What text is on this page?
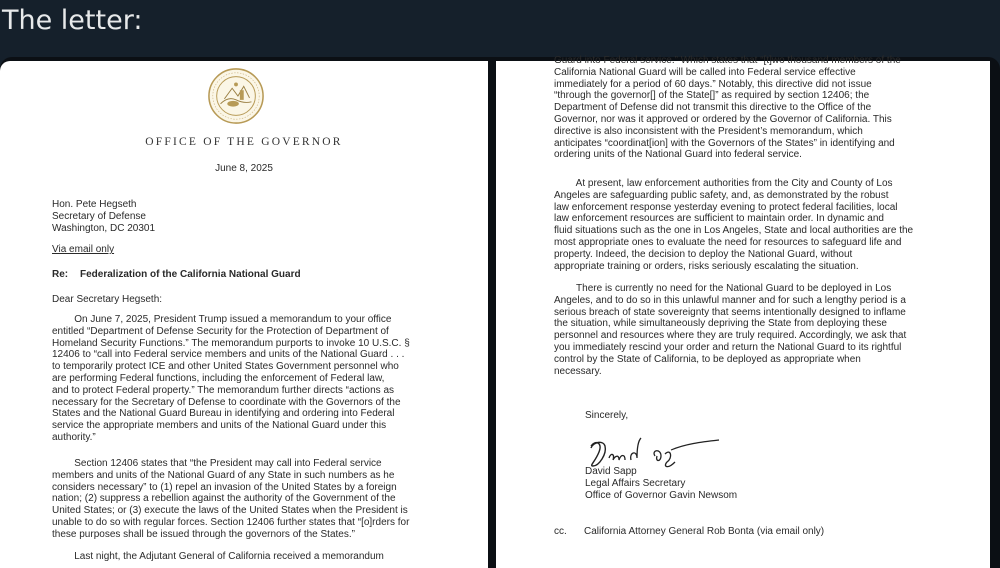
The letter:
OFFICE OF THE GOVERNOR
June 8, 2025
Hon. Pete Hegseth
Secretary of Defense
Washington, DC 20301
Via email only
Re: Federalization of the California National Guard
Dear Secretary Hegseth:
On June 7, 2025, President Trump issued a memorandum to your office
entitled “Department of Defense Security for the Protection of Department of
Homeland Security Functions.” The memorandum purports to invoke 10 U.S.C. §
12406 to “call into Federal service members and units of the National Guard . . .
to temporarily protect ICE and other United States Government personnel who
are performing Federal functions, including the enforcement of Federal law,
and to protect Federal property.” The memorandum further directs “actions as
necessary for the Secretary of Defense to coordinate with the Governors of the
States and the National Guard Bureau in identifying and ordering into Federal
service the appropriate members and units of the National Guard under this
authority.”
Section 12406 states that “the President may call into Federal service
members and units of the National Guard of any State in such numbers as he
considers necessary” to (1) repel an invasion of the United States by a foreign
nation; (2) suppress a rebellion against the authority of the Government of the
United States; or (3) execute the laws of the United States when the President is
unable to do so with regular forces. Section 12406 further states that “[o]rders for
these purposes shall be issued through the governors of the States.”
Last night, the Adjutant General of California received a memorandum
Guard into Federal service.” Which states that “[t]wo thousand members of the
California National Guard will be called into Federal service effective
immediately for a period of 60 days.” Notably, this directive did not issue
“through the governor[] of the State[]” as required by section 12406; the
Department of Defense did not transmit this directive to the Office of the
Governor, nor was it approved or ordered by the Governor of California. This
directive is also inconsistent with the President’s memorandum, which
anticipates “coordinat[ion] with the Governors of the States” in identifying and
ordering units of the National Guard into federal service.
At present, law enforcement authorities from the City and County of Los
Angeles are safeguarding public safety, and, as demonstrated by the robust
law enforcement response yesterday evening to protect federal facilities, local
law enforcement resources are sufficient to maintain order. In dynamic and
fluid situations such as the one in Los Angeles, State and local authorities are the
most appropriate ones to evaluate the need for resources to safeguard life and
property. Indeed, the decision to deploy the National Guard, without
appropriate training or orders, risks seriously escalating the situation.
There is currently no need for the National Guard to be deployed in Los
Angeles, and to do so in this unlawful manner and for such a lengthy period is a
serious breach of state sovereignty that seems intentionally designed to inflame
the situation, while simultaneously depriving the State from deploying these
personnel and resources where they are truly required. Accordingly, we ask that
you immediately rescind your order and return the National Guard to its rightful
control by the State of California, to be deployed as appropriate when
necessary.
Sincerely,
David Sapp
Legal Affairs Secretary
Office of Governor Gavin Newsom
cc. California Attorney General Rob Bonta (via email only)
